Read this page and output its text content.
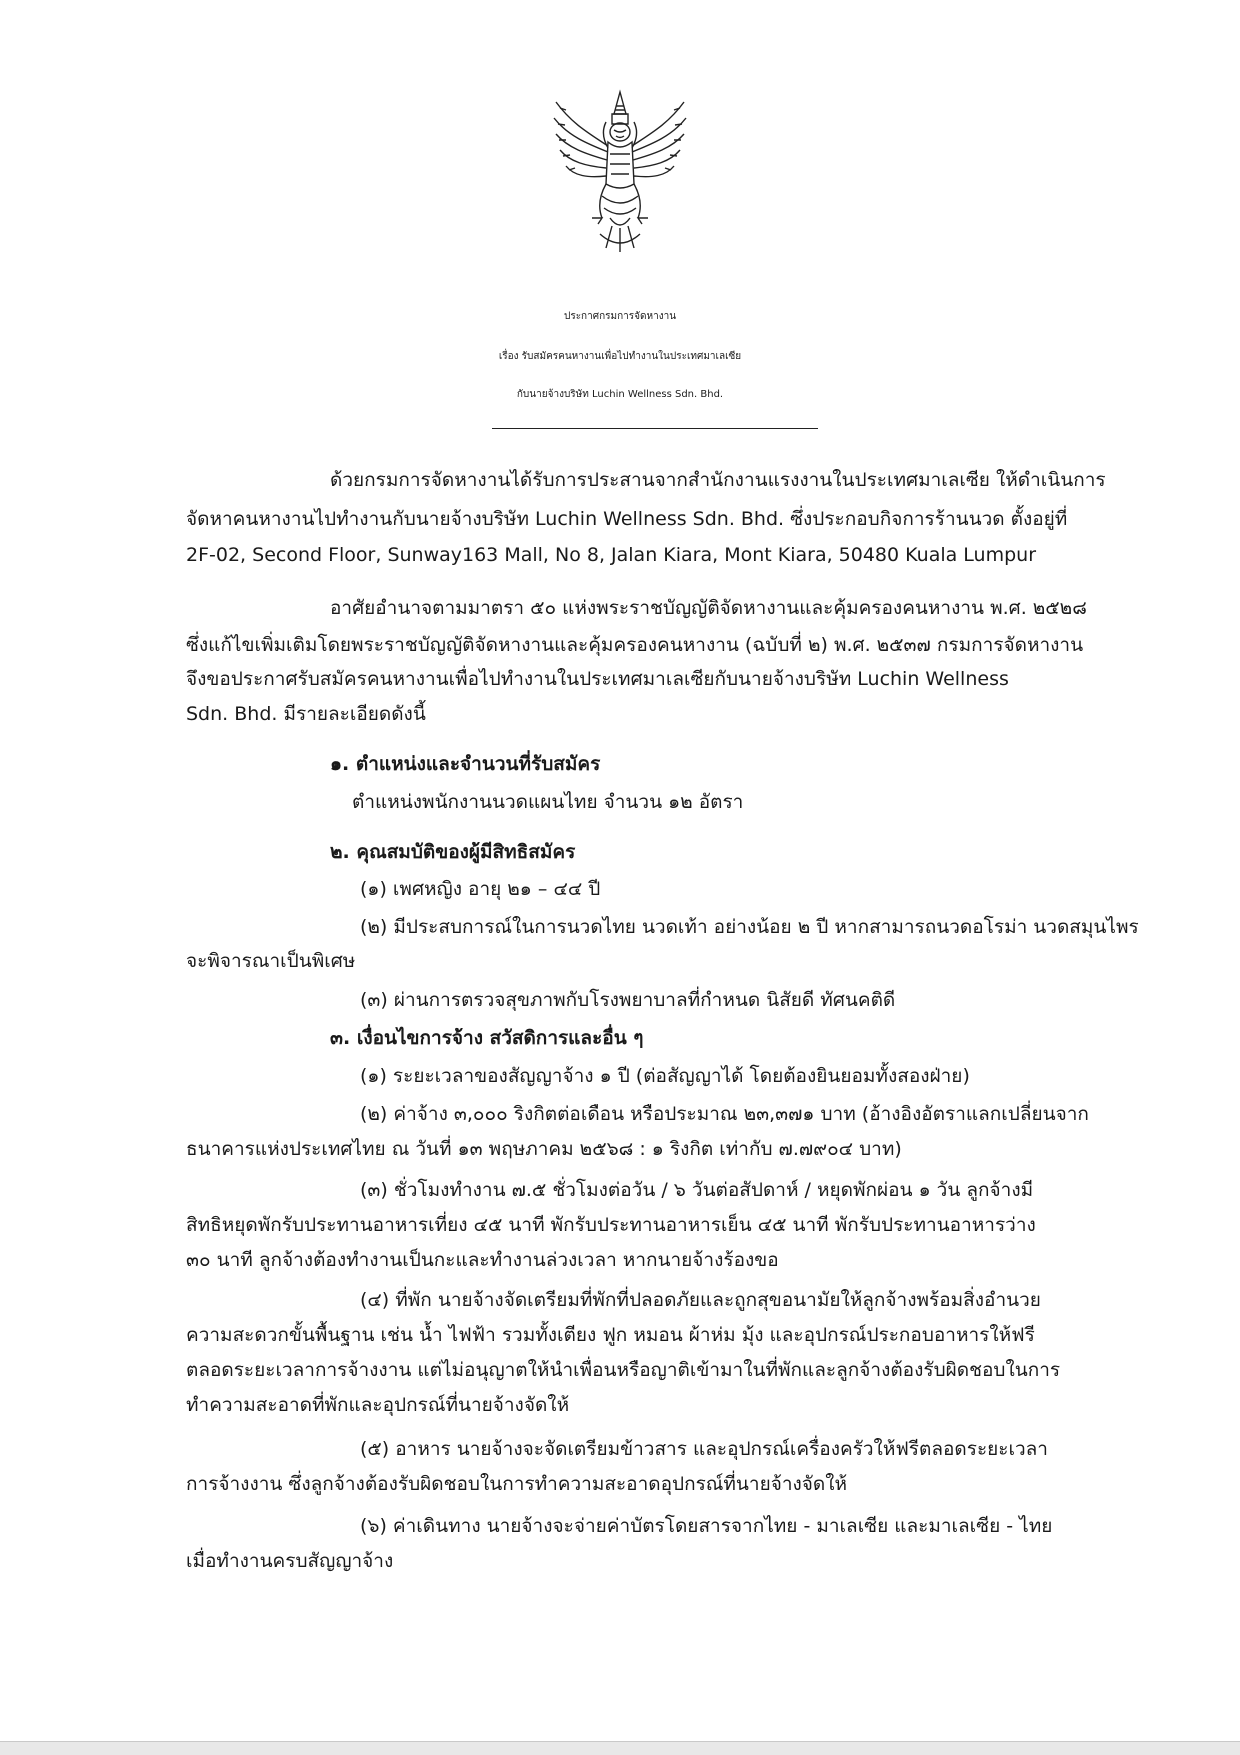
ประกาศกรมการจัดหางาน
เรื่อง รับสมัครคนหางานเพื่อไปทำงานในประเทศมาเลเซีย
กับนายจ้างบริษัท Luchin Wellness Sdn. Bhd.
ด้วยกรมการจัดหางานได้รับการประสานจากสำนักงานแรงงานในประเทศมาเลเซีย ให้ดำเนินการ
จัดหาคนหางานไปทำงานกับนายจ้างบริษัท Luchin Wellness Sdn. Bhd. ซึ่งประกอบกิจการร้านนวด ตั้งอยู่ที่
2F-02, Second Floor, Sunway163 Mall, No 8, Jalan Kiara, Mont Kiara, 50480 Kuala Lumpur
อาศัยอำนาจตามมาตรา ๕๐ แห่งพระราชบัญญัติจัดหางานและคุ้มครองคนหางาน พ.ศ. ๒๕๒๘
ซึ่งแก้ไขเพิ่มเติมโดยพระราชบัญญัติจัดหางานและคุ้มครองคนหางาน (ฉบับที่ ๒) พ.ศ. ๒๕๓๗ กรมการจัดหางาน
จึงขอประกาศรับสมัครคนหางานเพื่อไปทำงานในประเทศมาเลเซียกับนายจ้างบริษัท Luchin Wellness
Sdn. Bhd. มีรายละเอียดดังนี้
๑. ตำแหน่งและจำนวนที่รับสมัคร
ตำแหน่งพนักงานนวดแผนไทย จำนวน ๑๒ อัตรา
๒. คุณสมบัติของผู้มีสิทธิสมัคร
(๑) เพศหญิง อายุ ๒๑ – ๔๔ ปี
(๒) มีประสบการณ์ในการนวดไทย นวดเท้า อย่างน้อย ๒ ปี หากสามารถนวดอโรม่า นวดสมุนไพร
จะพิจารณาเป็นพิเศษ
(๓) ผ่านการตรวจสุขภาพกับโรงพยาบาลที่กำหนด นิสัยดี ทัศนคติดี
๓. เงื่อนไขการจ้าง สวัสดิการและอื่น ๆ
(๑) ระยะเวลาของสัญญาจ้าง ๑ ปี (ต่อสัญญาได้ โดยต้องยินยอมทั้งสองฝ่าย)
(๒) ค่าจ้าง ๓,๐๐๐ ริงกิตต่อเดือน หรือประมาณ ๒๓,๓๗๑ บาท (อ้างอิงอัตราแลกเปลี่ยนจาก
ธนาคารแห่งประเทศไทย ณ วันที่ ๑๓ พฤษภาคม ๒๕๖๘ : ๑ ริงกิต เท่ากับ ๗.๗๙๐๔ บาท)
(๓) ชั่วโมงทำงาน ๗.๕ ชั่วโมงต่อวัน / ๖ วันต่อสัปดาห์ / หยุดพักผ่อน ๑ วัน ลูกจ้างมี
สิทธิหยุดพักรับประทานอาหารเที่ยง ๔๕ นาที พักรับประทานอาหารเย็น ๔๕ นาที พักรับประทานอาหารว่าง
๓๐ นาที ลูกจ้างต้องทำงานเป็นกะและทำงานล่วงเวลา หากนายจ้างร้องขอ
(๔) ที่พัก นายจ้างจัดเตรียมที่พักที่ปลอดภัยและถูกสุขอนามัยให้ลูกจ้างพร้อมสิ่งอำนวย
ความสะดวกขั้นพื้นฐาน เช่น น้ำ ไฟฟ้า รวมทั้งเตียง ฟูก หมอน ผ้าห่ม มุ้ง และอุปกรณ์ประกอบอาหารให้ฟรี
ตลอดระยะเวลาการจ้างงาน แต่ไม่อนุญาตให้นำเพื่อนหรือญาติเข้ามาในที่พักและลูกจ้างต้องรับผิดชอบในการ
ทำความสะอาดที่พักและอุปกรณ์ที่นายจ้างจัดให้
(๕) อาหาร นายจ้างจะจัดเตรียมข้าวสาร และอุปกรณ์เครื่องครัวให้ฟรีตลอดระยะเวลา
การจ้างงาน ซึ่งลูกจ้างต้องรับผิดชอบในการทำความสะอาดอุปกรณ์ที่นายจ้างจัดให้
(๖) ค่าเดินทาง นายจ้างจะจ่ายค่าบัตรโดยสารจากไทย - มาเลเซีย และมาเลเซีย - ไทย
เมื่อทำงานครบสัญญาจ้าง
